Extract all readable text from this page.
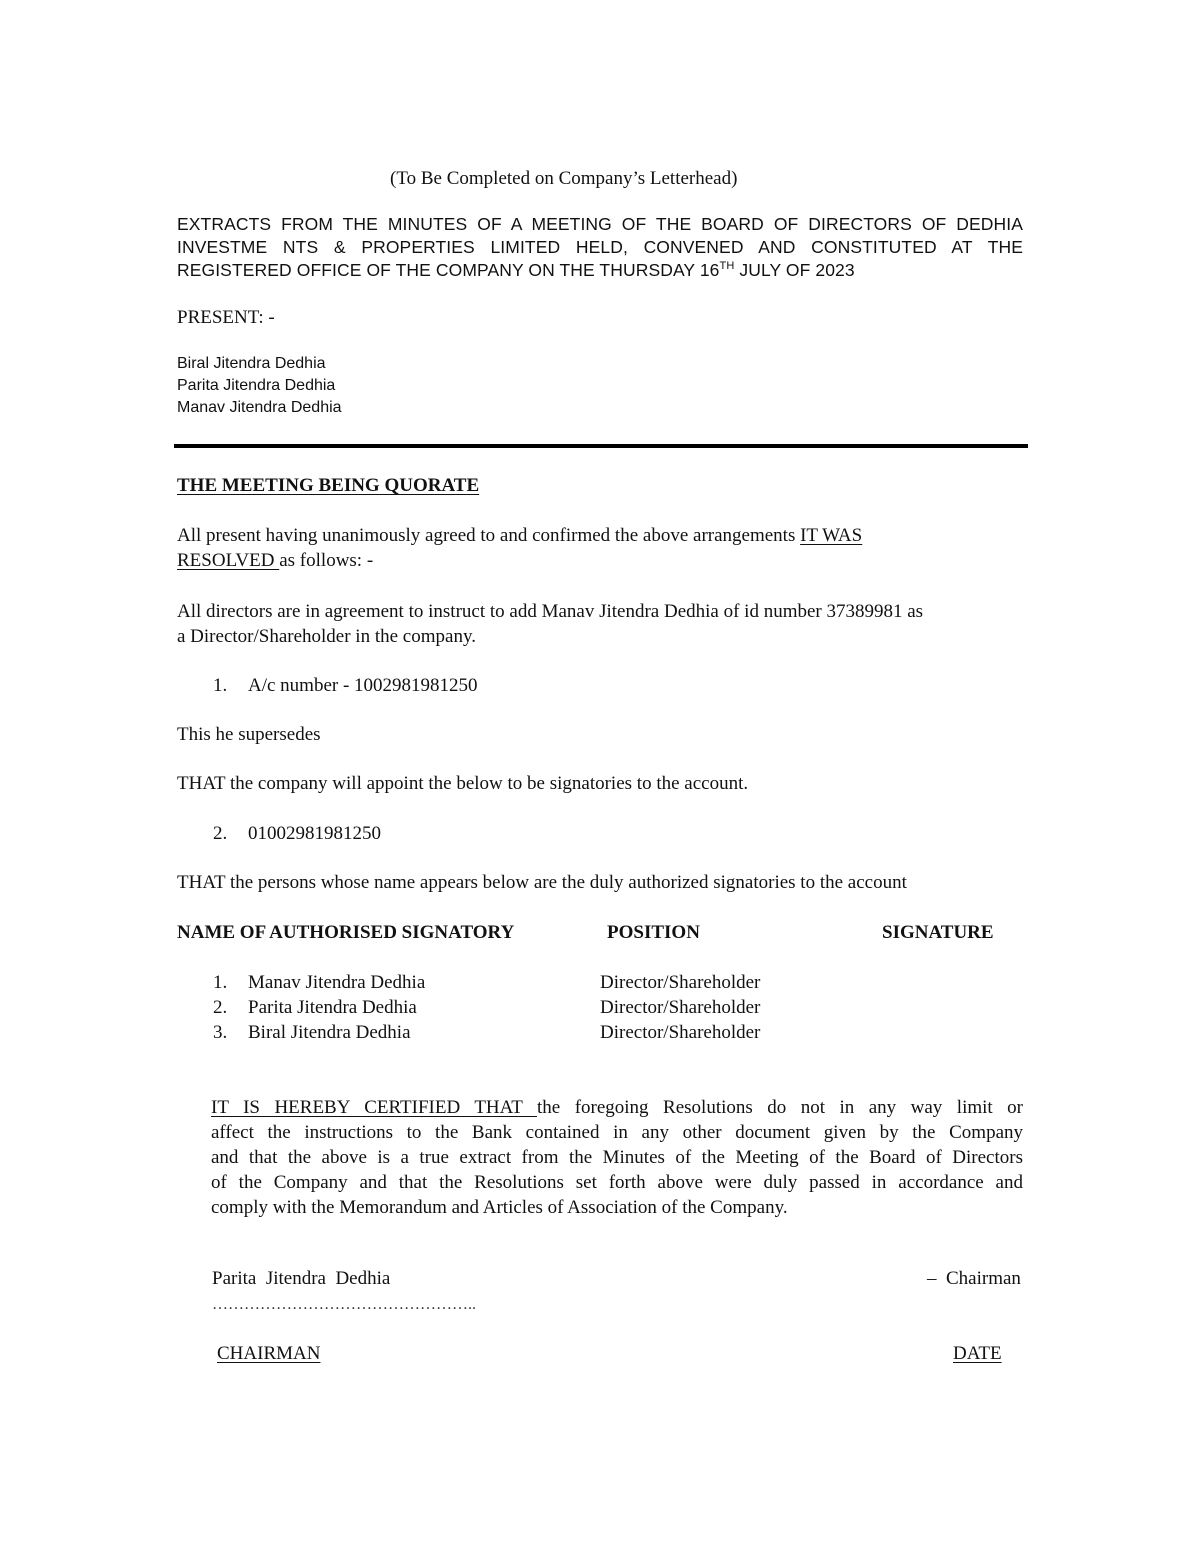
(To Be Completed on Company’s Letterhead)
EXTRACTS FROM THE MINUTES OF A MEETING OF THE BOARD OF DIRECTORS OF DEDHIA
INVESTME NTS & PROPERTIES LIMITED HELD, CONVENED AND CONSTITUTED AT THE
REGISTERED OFFICE OF THE COMPANY ON THE THURSDAY 16TH JULY OF 2023
PRESENT: -
Biral Jitendra Dedhia
Parita Jitendra Dedhia
Manav Jitendra Dedhia
THE MEETING BEING QUORATE
All present having unanimously agreed to and confirmed the above arrangements IT WAS
RESOLVED as follows: -
All directors are in agreement to instruct to add Manav Jitendra Dedhia of id number 37389981 as
a Director/Shareholder in the company.
1. A/c number - 1002981981250
This he supersedes
THAT the company will appoint the below to be signatories to the account.
2. 01002981981250
THAT the persons whose name appears below are the duly authorized signatories to the account
NAME OF AUTHORISED SIGNATORY	POSITION	SIGNATURE
1. Manav Jitendra Dedhia	Director/Shareholder
2. Parita Jitendra Dedhia	Director/Shareholder
3. Biral Jitendra Dedhia	Director/Shareholder
IT IS HEREBY CERTIFIED THAT the foregoing Resolutions do not in any way limit or
affect the instructions to the Bank contained in any other document given by the Company
and that the above is a true extract from the Minutes of the Meeting of the Board of Directors
of the Company and that the Resolutions set forth above were duly passed in accordance and
comply with the Memorandum and Articles of Association of the Company.
Parita  Jitendra  Dedhia	–  Chairman
…………………………………………..
CHAIRMAN	DATE
